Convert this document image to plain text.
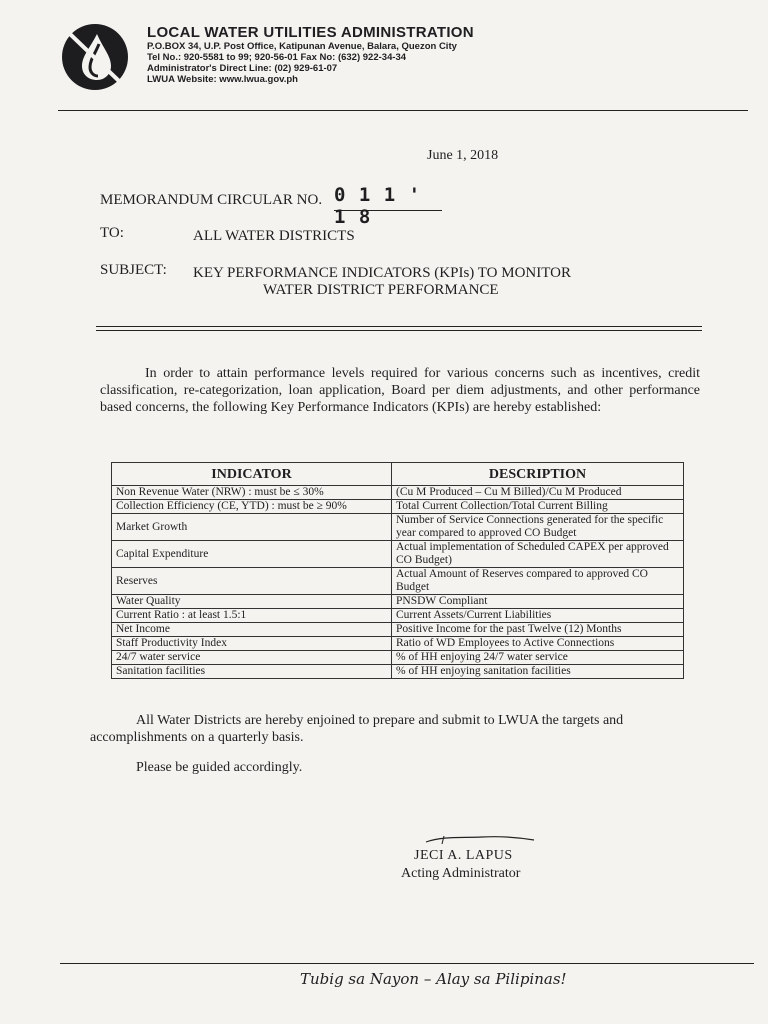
LOCAL WATER UTILITIES ADMINISTRATION
P.O.BOX 34, U.P. Post Office, Katipunan Avenue, Balara, Quezon City
Tel No.: 920-5581 to 99; 920-56-01 Fax No: (632) 922-34-34
Administrator's Direct Line: (02) 929-61-07
LWUA Website: www.lwua.gov.ph
June 1, 2018
MEMORANDUM CIRCULAR NO. 0 1 1 ' 1 8
TO:	ALL WATER DISTRICTS
SUBJECT: KEY PERFORMANCE INDICATORS (KPIs) TO MONITOR
WATER DISTRICT PERFORMANCE
In order to attain performance levels required for various concerns such as incentives, credit classification, re-categorization, loan application, Board per diem adjustments, and other performance based concerns, the following Key Performance Indicators (KPIs) are hereby established:
INDICATOR	DESCRIPTION
Non Revenue Water (NRW) : must be ≤ 30%	(Cu M Produced – Cu M Billed)/Cu M Produced
Collection Efficiency (CE, YTD) : must be ≥ 90%	Total Current Collection/Total Current Billing
Market Growth	Number of Service Connections generated for the specific year compared to approved CO Budget
Capital Expenditure	Actual implementation of Scheduled CAPEX per approved CO Budget)
Reserves	Actual Amount of Reserves compared to approved CO Budget
Water Quality	PNSDW Compliant
Current Ratio : at least 1.5:1	Current Assets/Current Liabilities
Net Income	Positive Income for the past Twelve (12) Months
Staff Productivity Index	Ratio of WD Employees to Active Connections
24/7 water service	% of HH enjoying 24/7 water service
Sanitation facilities	% of HH enjoying sanitation facilities
All Water Districts are hereby enjoined to prepare and submit to LWUA the targets and accomplishments on a quarterly basis.
Please be guided accordingly.
JECI A. LAPUS
Acting Administrator
Tubig sa Nayon – Alay sa Pilipinas!
